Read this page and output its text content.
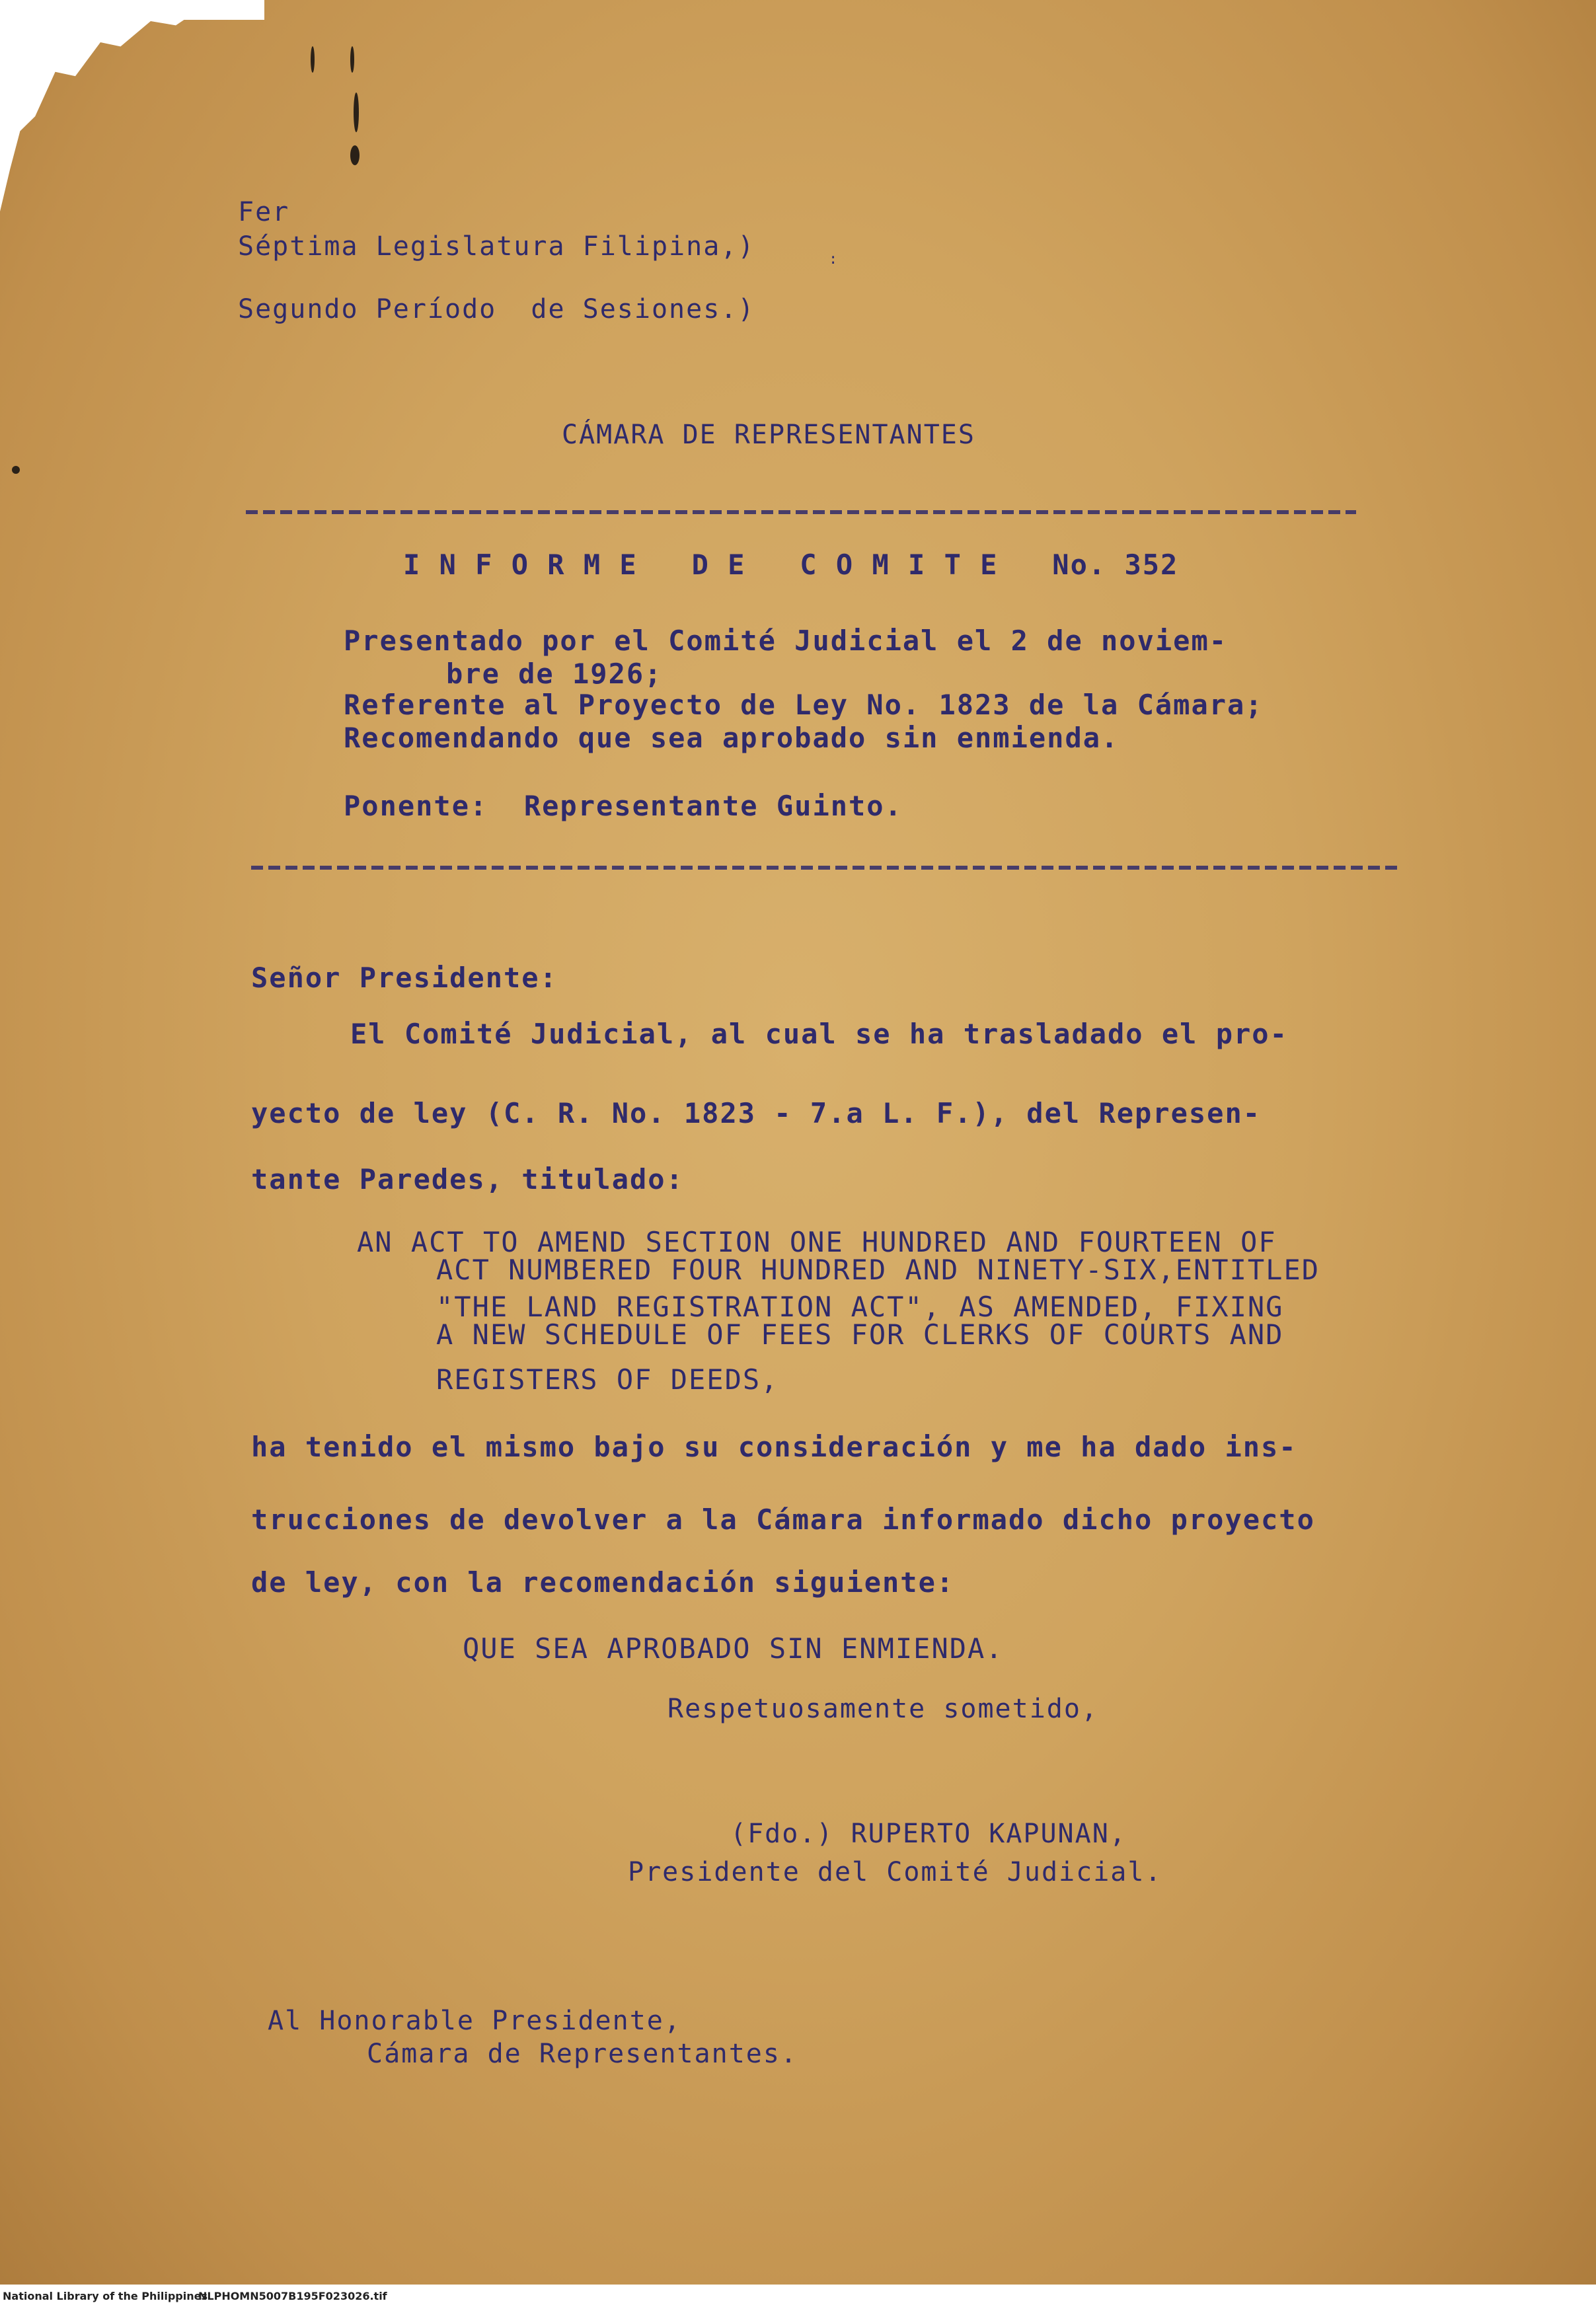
Fer
Séptima Legislatura Filipina,)
Segundo Período  de Sesiones.)
:
CÁMARA DE REPRESENTANTES
I N F O R M E   D E   C O M I T E   No. 352
Presentado por el Comité Judicial el 2 de noviem-
bre de 1926;
Referente al Proyecto de Ley No. 1823 de la Cámara;
Recomendando que sea aprobado sin enmienda.
Ponente:  Representante Guinto.
Señor Presidente:
El Comité Judicial, al cual se ha trasladado el pro-
yecto de ley (C. R. No. 1823 - 7.a L. F.), del Represen-
tante Paredes, titulado:
AN ACT TO AMEND SECTION ONE HUNDRED AND FOURTEEN OF
ACT NUMBERED FOUR HUNDRED AND NINETY-SIX,ENTITLED
"THE LAND REGISTRATION ACT", AS AMENDED, FIXING
A NEW SCHEDULE OF FEES FOR CLERKS OF COURTS AND
REGISTERS OF DEEDS,
ha tenido el mismo bajo su consideración y me ha dado ins-
trucciones de devolver a la Cámara informado dicho proyecto
de ley, con la recomendación siguiente:
QUE SEA APROBADO SIN ENMIENDA.
Respetuosamente sometido,
(Fdo.) RUPERTO KAPUNAN,
Presidente del Comité Judicial.
Al Honorable Presidente,
Cámara de Representantes.
National Library of the Philippines
NLPHOMN5007B195F023026.tif
